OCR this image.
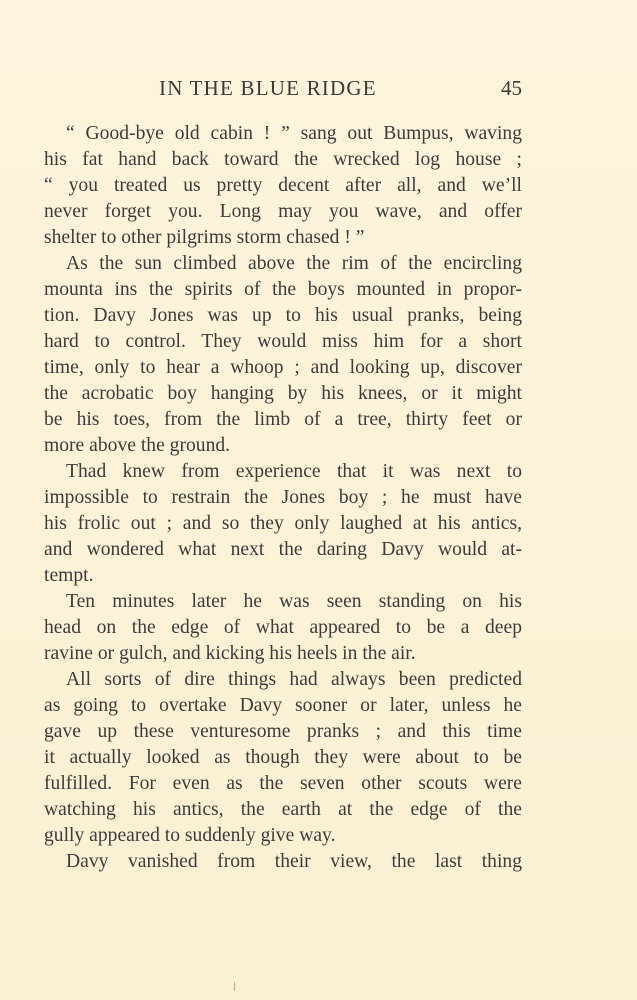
IN THE BLUE RIDGE	45
“ Good-bye old cabin ! ” sang out Bumpus, waving
his fat hand back toward the wrecked log house ;
“ you treated us pretty decent after all, and we’ll
never forget you. Long may you wave, and offer
shelter to other pilgrims storm chased ! ”
As the sun climbed above the rim of the encircling
mounta ins the spirits of the boys mounted in propor-
tion. Davy Jones was up to his usual pranks, being
hard to control. They would miss him for a short
time, only to hear a whoop ; and looking up, discover
the acrobatic boy hanging by his knees, or it might
be his toes, from the limb of a tree, thirty feet or
more above the ground.
Thad knew from experience that it was next to
impossible to restrain the Jones boy ; he must have
his frolic out ; and so they only laughed at his antics,
and wondered what next the daring Davy would at-
tempt.
Ten minutes later he was seen standing on his
head on the edge of what appeared to be a deep
ravine or gulch, and kicking his heels in the air.
All sorts of dire things had always been predicted
as going to overtake Davy sooner or later, unless he
gave up these venturesome pranks ; and this time
it actually looked as though they were about to be
fulfilled. For even as the seven other scouts were
watching his antics, the earth at the edge of the
gully appeared to suddenly give way.
Davy vanished from their view, the last thing
